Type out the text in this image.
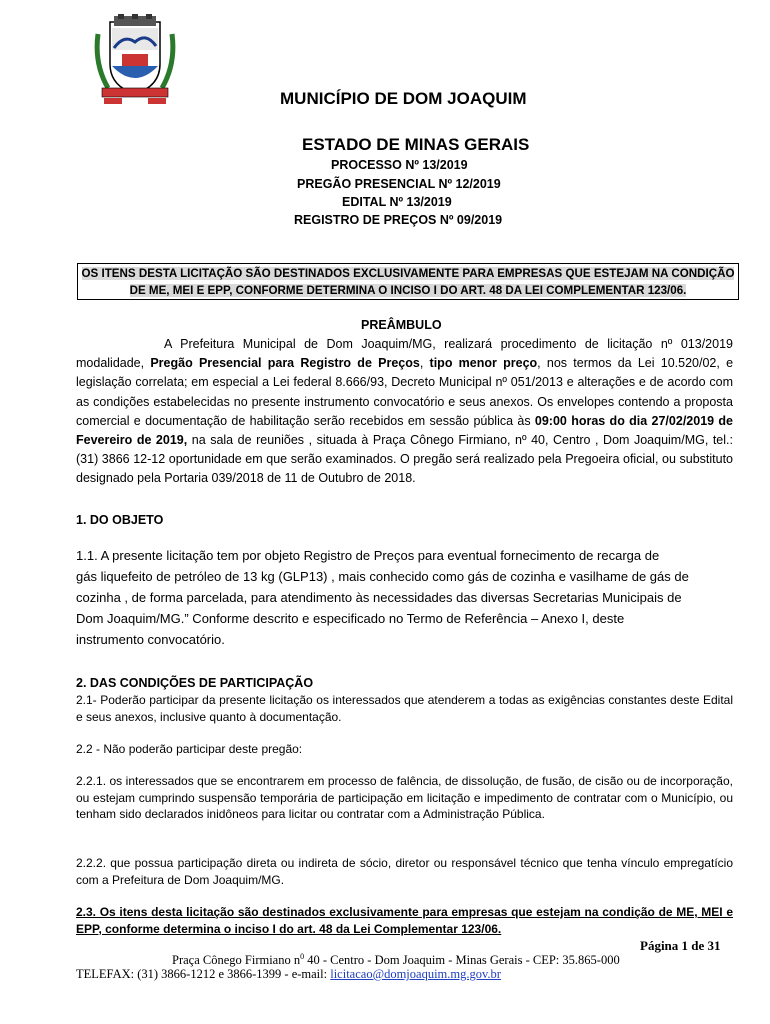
MUNICÍPIO DE DOM JOAQUIM
ESTADO DE MINAS GERAIS
PROCESSO Nº 13/2019
PREGÃO PRESENCIAL Nº 12/2019
EDITAL Nº 13/2019
REGISTRO DE PREÇOS Nº 09/2019
OS ITENS DESTA LICITAÇÃO SÃO DESTINADOS EXCLUSIVAMENTE PARA EMPRESAS QUE ESTEJAM NA CONDIÇÃO
DE ME, MEI E EPP, CONFORME DETERMINA O INCISO I DO ART. 48 DA LEI COMPLEMENTAR 123/06.
PREÂMBULO
A Prefeitura Municipal de Dom Joaquim/MG, realizará procedimento de licitação nº 013/2019 modalidade, Pregão Presencial para Registro de Preços, tipo menor preço, nos termos da Lei 10.520/02, e legislação correlata; em especial a Lei federal 8.666/93, Decreto Municipal nº 051/2013 e alterações e de acordo com as condições estabelecidas no presente instrumento convocatório e seus anexos. Os envelopes contendo a proposta comercial e documentação de habilitação serão recebidos em sessão pública às 09:00 horas do dia 27/02/2019 de Fevereiro de 2019, na sala de reuniões , situada à Praça Cônego Firmiano, nº 40, Centro , Dom Joaquim/MG, tel.: (31) 3866 12-12 oportunidade em que serão examinados. O pregão será realizado pela Pregoeira oficial, ou substituto designado pela Portaria 039/2018 de 11 de Outubro de 2018.
1. DO OBJETO
1.1. A presente licitação tem por objeto Registro de Preços para eventual fornecimento de recarga de
gás liquefeito de petróleo de 13 kg (GLP13) , mais conhecido como gás de cozinha e vasilhame de gás de
cozinha , de forma parcelada, para atendimento às necessidades das diversas Secretarias Municipais de
Dom Joaquim/MG.” Conforme descrito e especificado no Termo de Referência – Anexo I, deste
instrumento convocatório.
2. DAS CONDIÇÕES DE PARTICIPAÇÃO
2.1- Poderão participar da presente licitação os interessados que atenderem a todas as exigências constantes deste Edital e seus anexos, inclusive quanto à documentação.
2.2 - Não poderão participar deste pregão:
2.2.1. os interessados que se encontrarem em processo de falência, de dissolução, de fusão, de cisão ou de incorporação, ou estejam cumprindo suspensão temporária de participação em licitação e impedimento de contratar com o Município, ou tenham sido declarados inidôneos para licitar ou contratar com a Administração Pública.
2.2.2. que possua participação direta ou indireta de sócio, diretor ou responsável técnico que tenha vínculo empregatício com a Prefeitura de Dom Joaquim/MG.
2.3. Os itens desta licitação são destinados exclusivamente para empresas que estejam na condição de ME, MEI e EPP, conforme determina o inciso I do art. 48 da Lei Complementar 123/06.
Página 1 de 31
Praça Cônego Firmiano $n^0$ 40 - Centro - Dom Joaquim - Minas Gerais - CEP: 35.865-000
TELEFAX: (31) 3866-1212 e 3866-1399 - e-mail: licitacao@domjoaquim.mg.gov.br
